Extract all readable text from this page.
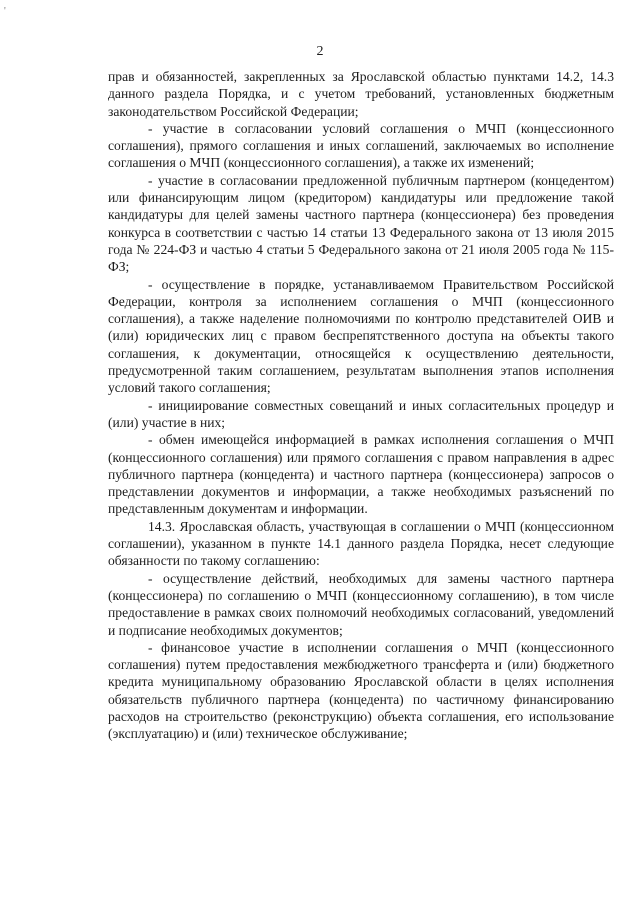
'
2

прав и обязанностей, закрепленных за Ярославской областью пунктами 14.2, 14.3 данного раздела Порядка, и с учетом требований, установленных бюджетным законодательством Российской Федерации;

- участие в согласовании условий соглашения о МЧП (концессионного соглашения), прямого соглашения и иных соглашений, заключаемых во исполнение соглашения о МЧП (концессионного соглашения), а также их изменений;

- участие в согласовании предложенной публичным партнером (концедентом) или финансирующим лицом (кредитором) кандидатуры или предложение такой кандидатуры для целей замены частного партнера (концессионера) без проведения конкурса в соответствии с частью 14 статьи 13 Федерального закона от 13 июля 2015 года № 224-ФЗ и частью 4 статьи 5 Федерального закона от 21 июля 2005 года № 115-ФЗ;

- осуществление в порядке, устанавливаемом Правительством Российской Федерации, контроля за исполнением соглашения о МЧП (концессионного соглашения), а также наделение полномочиями по контролю представителей ОИВ и (или) юридических лиц с правом беспрепятственного доступа на объекты такого соглашения, к документации, относящейся к осуществлению деятельности, предусмотренной таким соглашением, результатам выполнения этапов исполнения условий такого соглашения;

- инициирование совместных совещаний и иных согласительных процедур и (или) участие в них;

- обмен имеющейся информацией в рамках исполнения соглашения о МЧП (концессионного соглашения) или прямого соглашения с правом направления в адрес публичного партнера (концедента) и частного партнера (концессионера) запросов о представлении документов и информации, а также необходимых разъяснений по представленным документам и информации.

14.3. Ярославская область, участвующая в соглашении о МЧП (концессионном соглашении), указанном в пункте 14.1 данного раздела Порядка, несет следующие обязанности по такому соглашению:

- осуществление действий, необходимых для замены частного партнера (концессионера) по соглашению о МЧП (концессионному соглашению), в том числе предоставление в рамках своих полномочий необходимых согласований, уведомлений и подписание необходимых документов;

- финансовое участие в исполнении соглашения о МЧП (концессионного соглашения) путем предоставления межбюджетного трансферта и (или) бюджетного кредита муниципальному образованию Ярославской области в целях исполнения обязательств публичного партнера (концедента) по частичному финансированию расходов на строительство (реконструкцию) объекта соглашения, его использование (эксплуатацию) и (или) техническое обслуживание;
